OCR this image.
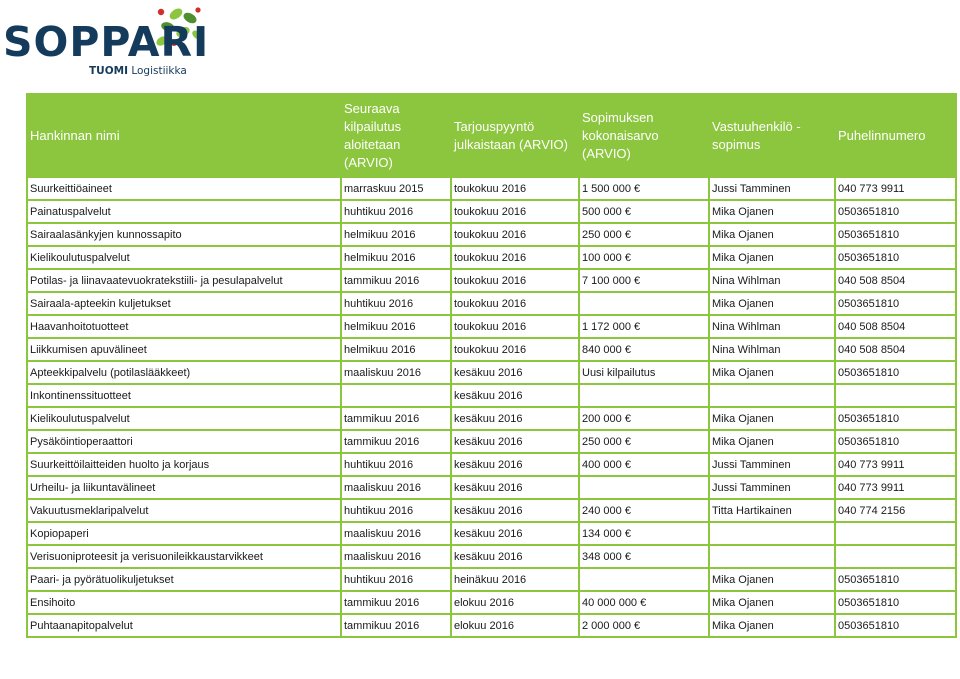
SOPPARI
TUOMI Logistiikka
Hankinnan nimi	Seuraava kilpailutus aloitetaan (ARVIO)	Tarjouspyyntö julkaistaan (ARVIO)	Sopimuksen kokonaisarvo (ARVIO)	Vastuuhenkilö - sopimus	Puhelinnumero
Suurkeittiöaineet	marraskuu 2015	toukokuu 2016	1 500 000 €	Jussi Tamminen	040 773 9911
Painatuspalvelut	huhtikuu 2016	toukokuu 2016	500 000 €	Mika Ojanen	0503651810
Sairaalasänkyjen kunnossapito	helmikuu 2016	toukokuu 2016	250 000 €	Mika Ojanen	0503651810
Kielikoulutuspalvelut	helmikuu 2016	toukokuu 2016	100 000 €	Mika Ojanen	0503651810
Potilas- ja liinavaatevuokratekstiili- ja pesulapalvelut	tammikuu 2016	toukokuu 2016	7 100 000 €	Nina Wihlman	040 508 8504
Sairaala-apteekin kuljetukset	huhtikuu 2016	toukokuu 2016		Mika Ojanen	0503651810
Haavanhoitotuotteet	helmikuu 2016	toukokuu 2016	1 172 000 €	Nina Wihlman	040 508 8504
Liikkumisen apuvälineet	helmikuu 2016	toukokuu 2016	840 000 €	Nina Wihlman	040 508 8504
Apteekkipalvelu (potilaslääkkeet)	maaliskuu 2016	kesäkuu 2016	Uusi kilpailutus	Mika Ojanen	0503651810
Inkontinenssituotteet		kesäkuu 2016			
Kielikoulutuspalvelut	tammikuu 2016	kesäkuu 2016	200 000 €	Mika Ojanen	0503651810
Pysäköintioperaattori	tammikuu 2016	kesäkuu 2016	250 000 €	Mika Ojanen	0503651810
Suurkeittöilaitteiden huolto ja korjaus	huhtikuu 2016	kesäkuu 2016	400 000 €	Jussi Tamminen	040 773 9911
Urheilu- ja liikuntavälineet	maaliskuu 2016	kesäkuu 2016		Jussi Tamminen	040 773 9911
Vakuutusmeklaripalvelut	huhtikuu 2016	kesäkuu 2016	240 000 €	Titta Hartikainen	040 774 2156
Kopiopaperi	maaliskuu 2016	kesäkuu 2016	134 000 €		
Verisuoniproteesit ja verisuonileikkaustarvikkeet	maaliskuu 2016	kesäkuu 2016	348 000 €		
Paari- ja pyörätuolikuljetukset	huhtikuu 2016	heinäkuu 2016		Mika Ojanen	0503651810
Ensihoito	tammikuu 2016	elokuu 2016	40 000 000 €	Mika Ojanen	0503651810
Puhtaanapitopalvelut	tammikuu 2016	elokuu 2016	2 000 000 €	Mika Ojanen	0503651810
